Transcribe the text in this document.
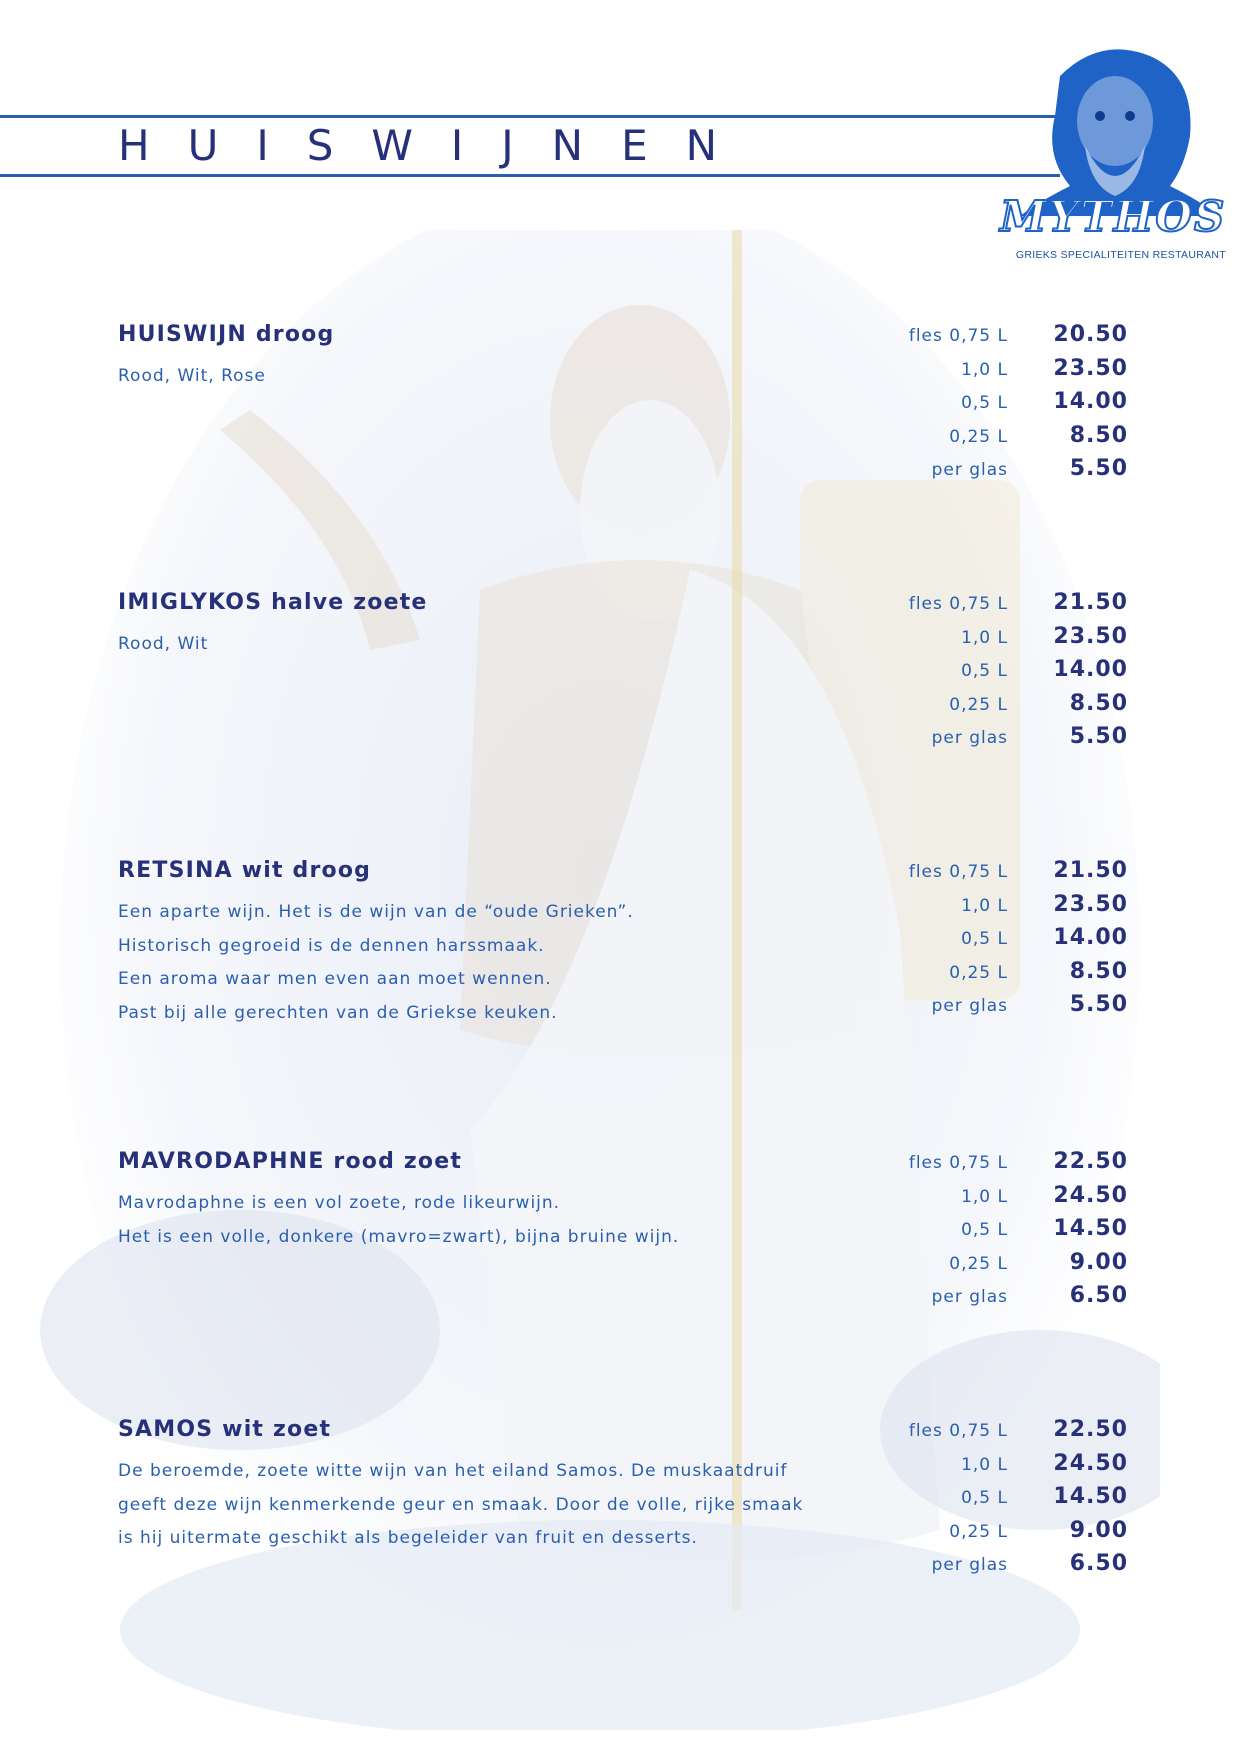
HUISWIJNEN
MYTHOS
GRIEKS SPECIALITEITEN RESTAURANT
HUISWIJN droog

Rood, Wit, Rose

fles 0,75 L 20.50
1,0 L 23.50
0,5 L 14.00
0,25 L	8.50
per glas	5.50
IMIGLYKOS halve zoete

Rood, Wit

fles 0,75 L 21.50
1,0 L 23.50
0,5 L 14.00
0,25 L	8.50
per glas	5.50
RETSINA wit droog

Een aparte wijn. Het is de wijn van de “oude Grieken”.

Historisch gegroeid is de dennen harssmaak.

Een aroma waar men even aan moet wennen.

Past bij alle gerechten van de Griekse keuken.

fles 0,75 L 21.50
1,0 L 23.50
0,5 L 14.00
0,25 L	8.50
per glas	5.50
MAVRODAPHNE rood zoet

Mavrodaphne is een vol zoete, rode likeurwijn.

Het is een volle, donkere (mavro=zwart), bijna bruine wijn.

fles 0,75 L 22.50
1,0 L 24.50
0,5 L 14.50
0,25 L	9.00
per glas	6.50
SAMOS wit zoet

De beroemde, zoete witte wijn van het eiland Samos. De muskaatdruif

geeft deze wijn kenmerkende geur en smaak. Door de volle, rijke smaak

is hij uitermate geschikt als begeleider van fruit en desserts.

fles 0,75 L 22.50
1,0 L 24.50
0,5 L 14.50
0,25 L	9.00
per glas	6.50
